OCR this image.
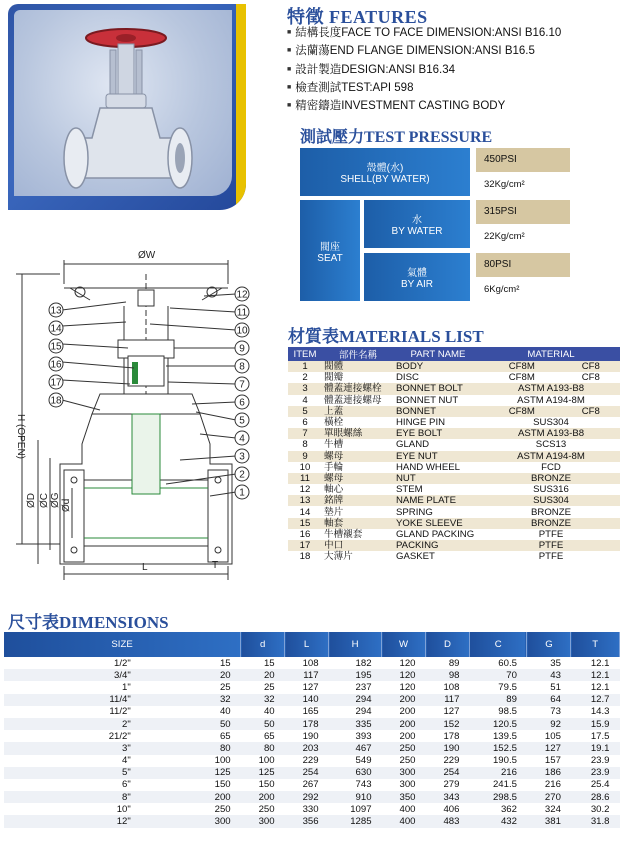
特徵 FEATURES
■ 結構長度FACE TO FACE DIMENSION:ANSI B16.10
■ 法蘭蕩END FLANGE DIMENSION:ANSI B16.5
■ 設計製造DESIGN:ANSI B16.34
■ 檢查測試TEST:API 598
■ 精密鑄造INVESTMENT CASTING BODY
測試壓力TEST PRESSURE
殼體(水)
SHELL(BY WATER)
450PSI
32Kg/cm²
閥座
SEAT
水
BY WATER
315PSI
22Kg/cm²
氣體
BY AIR
80PSI
6Kg/cm²
ØW
H (OPEN)
L	T
ØD ØC ØG Ød
13
14
15
16
17
18
12
11
10
9
8
7
6
5
4
3
2
1
材質表MATERIALS LIST
ITEM	部件名稱	PART NAME	MATERIAL	
1	閥體	BODY	CF8M	CF8
2	閥瓣	DISC	CF8M	CF8
3	體蓋連接螺栓	BONNET BOLT	ASTM A193-B8	
4	體蓋連接螺母	BONNET NUT	ASTM A194-8M	
5	上蓋	BONNET	CF8M	CF8
6	橫栓	HINGE PIN	SUS304	
7	單眼螺絲	EYE BOLT	ASTM A193-B8	
8	牛槽	GLAND	SCS13	
9	螺母	EYE NUT	ASTM A194-8M	
10	手輪	HAND WHEEL	FCD	
11	螺母	NUT	BRONZE	
12	軸心	STEM	SUS316	
13	銘牌	NAME PLATE	SUS304	
14	墊片	SPRING	BRONZE	
15	軸套	YOKE SLEEVE	BRONZE	
16	牛槽襯套	GLAND PACKING	PTFE	
17	中口	PACKING	PTFE	
18	大薄片	GASKET	PTFE	
尺寸表DIMENSIONS
SIZE		d	L	H	W	D	C	G	T
1/2"	15	15	108	182	120	89	60.5	35	12.1
3/4"	20	20	117	195	120	98	70	43	12.1
1"	25	25	127	237	120	108	79.5	51	12.1
11/4"	32	32	140	294	200	117	89	64	12.7
11/2"	40	40	165	294	200	127	98.5	73	14.3
2"	50	50	178	335	200	152	120.5	92	15.9
21/2"	65	65	190	393	200	178	139.5	105	17.5
3"	80	80	203	467	250	190	152.5	127	19.1
4"	100	100	229	549	250	229	190.5	157	23.9
5"	125	125	254	630	300	254	216	186	23.9
6"	150	150	267	743	300	279	241.5	216	25.4
8"	200	200	292	910	350	343	298.5	270	28.6
10"	250	250	330	1097	400	406	362	324	30.2
12"	300	300	356	1285	400	483	432	381	31.8
